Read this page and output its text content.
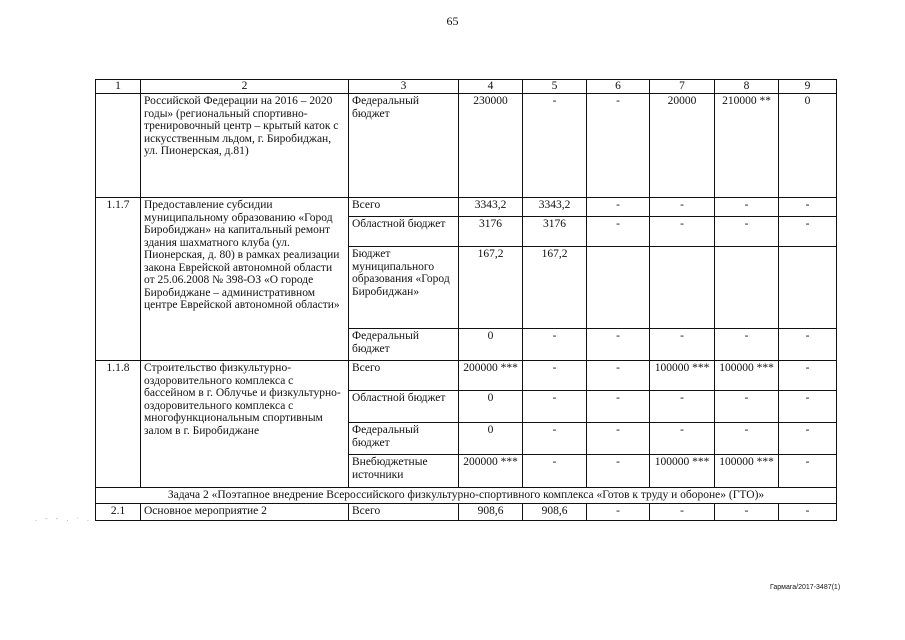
65
. - - . · .
1	2	3	4	5	6	7	8	9
	Российской Федерации на 2016 – 2020 годы» (региональный спортивно-тренировочный центр – крытый каток с искусственным льдом, г. Биробиджан, ул. Пионерская, д.81)	Федеральный бюджет	230000	-	-	20000	210000 **	0
1.1.7	Предоставление субсидии муниципальному образованию «Город Биробиджан» на капитальный ремонт здания шахматного клуба (ул. Пионерская, д. 80) в рамках реализации закона Еврейской автономной области от 25.06.2008 № 398-ОЗ «О городе Биробиджане – административном центре Еврейской автономной области»	Всего	3343,2	3343,2	-	-	-	-
		Областной бюджет	3176	3176	-	-	-	-
		Бюджет муниципального образования «Город Биробиджан»	167,2	167,2				
		Федеральный бюджет	0	-	-	-	-	-
1.1.8	Строительство физкультурно-оздоровительного комплекса с бассейном в г. Облучье и физкультурно-оздоровительного комплекса с многофункциональным спортивным залом в г. Биробиджане	Всего	200000 ***	-	-	100000 ***	100000 ***	-
		Областной бюджет	0	-	-	-	-	-
		Федеральный бюджет	0	-	-	-	-	-
		Внебюджетные источники	200000 ***	-	-	100000 ***	100000 ***	-
Задача 2 «Поэтапное внедрение Всероссийского физкультурно-спортивного комплекса «Готов к труду и обороне» (ГТО)»								
2.1	Основное мероприятие 2	Всего	908,6	908,6	-	-	-	-
Гармага/2017-3487(1)
